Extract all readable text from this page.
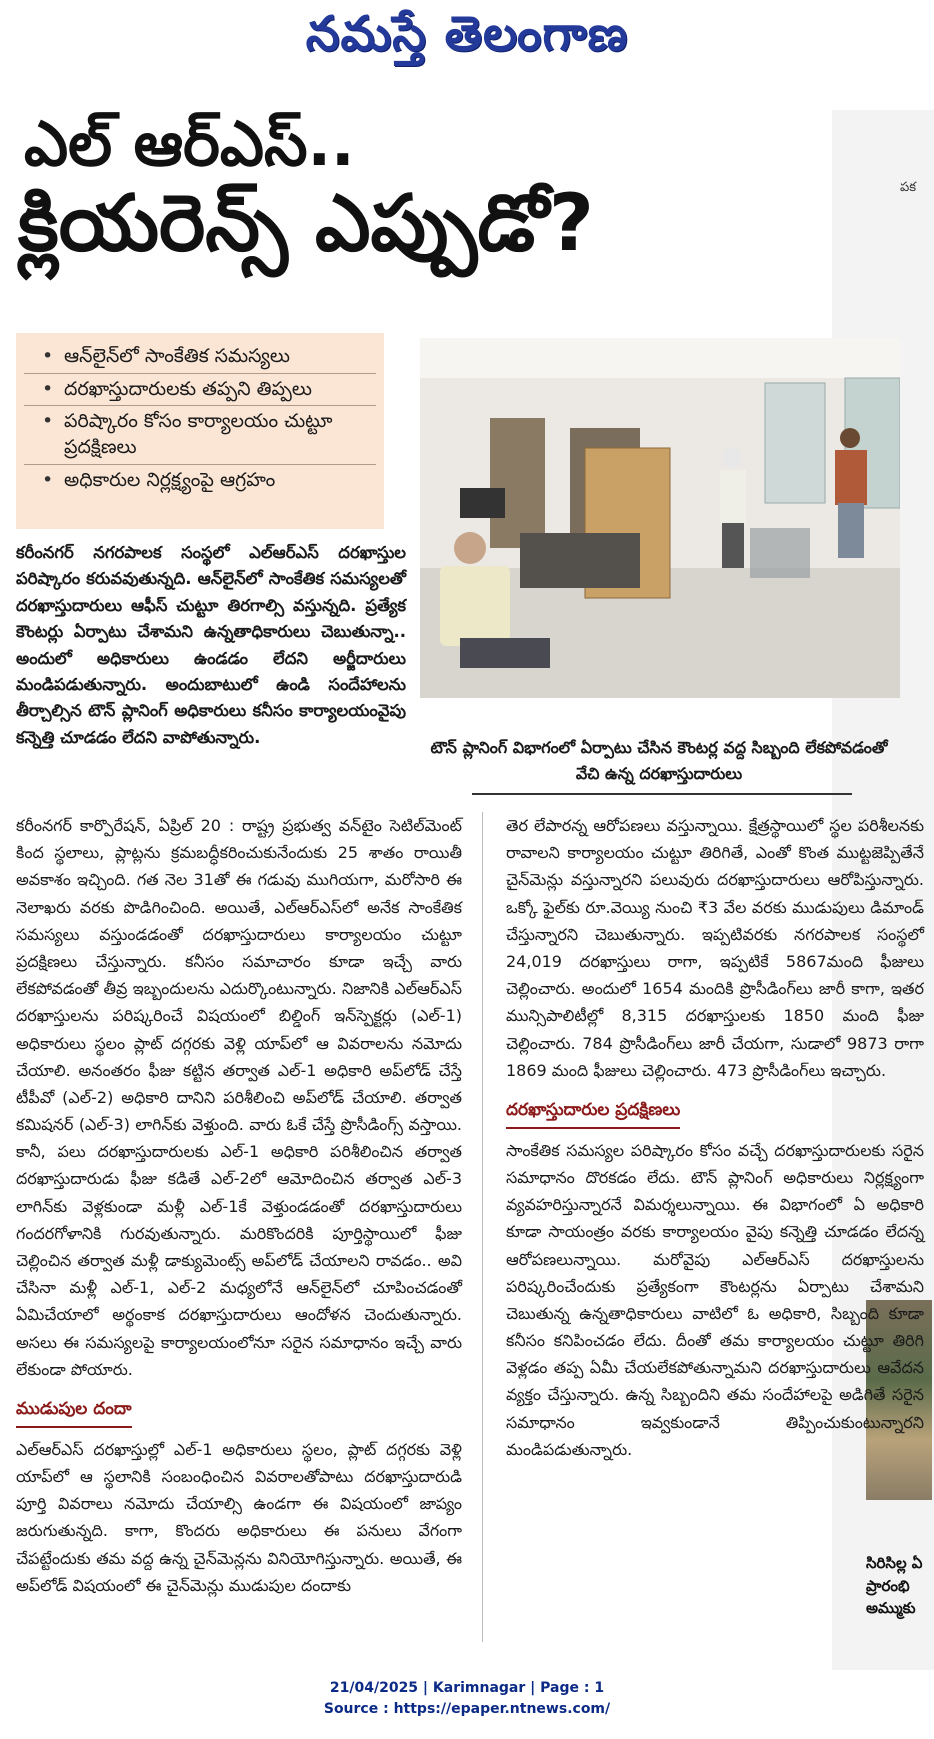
నమస్తే తెలంగాణ
పక
సిరిసిల్ల ఏ ప్రారంభి అమ్ముకు
ఎల్ ఆర్ఎస్..
క్లియరెన్స్ ఎప్పుడో?
• ఆన్‌లైన్‌లో సాంకేతిక సమస్యలు
• దరఖాస్తుదారులకు తప్పని తిప్పలు
• పరిష్కారం కోసం కార్యాలయం చుట్టూ ప్రదక్షిణలు
• అధికారుల నిర్లక్ష్యంపై ఆగ్రహం
టౌన్ ప్లానింగ్ విభాగంలో ఏర్పాటు చేసిన కౌంటర్ల వద్ద సిబ్బంది లేకపోవడంతో వేచి ఉన్న దరఖాస్తుదారులు
కరీంనగర్ నగరపాలక సంస్థలో ఎల్ఆర్ఎస్ దరఖాస్తుల పరిష్కారం కరువవుతున్నది. ఆన్‌లైన్‌లో సాంకేతిక సమస్యలతో దరఖాస్తుదారులు ఆఫీస్ చుట్టూ తిరగాల్సి వస్తున్నది. ప్రత్యేక కౌంటర్లు ఏర్పాటు చేశామని ఉన్నతాధికారులు చెబుతున్నా.. అందులో అధికారులు ఉండడం లేదని అర్జీదారులు మండిపడుతున్నారు. అందుబాటులో ఉండి సందేహాలను తీర్చాల్సిన టౌన్ ప్లానింగ్ అధికారులు కనీసం కార్యాలయంవైపు కన్నెత్తి చూడడం లేదని వాపోతున్నారు.

కరీంనగర్ కార్పొరేషన్, ఏప్రిల్ 20 : రాష్ట్ర ప్రభుత్వ వన్‌టైం సెటిల్‌మెంట్ కింద స్థలాలు, ప్లాట్లను క్రమబద్ధీకరించుకునేందుకు 25 శాతం రాయితీ అవకాశం ఇచ్చింది. గత నెల 31తో ఈ గడువు ముగియగా, మరోసారి ఈ నెలాఖరు వరకు పొడిగించింది. అయితే, ఎల్ఆర్ఎస్‌లో అనేక సాంకేతిక సమస్యలు వస్తుండడంతో దరఖాస్తుదారులు కార్యాలయం చుట్టూ ప్రదక్షిణలు చేస్తున్నారు. కనీసం సమాచారం కూడా ఇచ్చే వారు లేకపోవడంతో తీవ్ర ఇబ్బందులను ఎదుర్కొంటున్నారు. నిజానికి ఎల్ఆర్ఎస్ దరఖాస్తులను పరిష్కరించే విషయంలో బిల్డింగ్ ఇన్‌స్పెక్టర్లు (ఎల్-1) అధికారులు స్థలం ప్లాట్ దగ్గరకు వెళ్లి యాప్‌లో ఆ వివరాలను నమోదు చేయాలి. అనంతరం ఫీజు కట్టిన తర్వాత ఎల్-1 అధికారి అప్‌లోడ్ చేస్తే టీపీవో (ఎల్-2) అధికారి దానిని పరిశీలించి అప్‌లోడ్ చేయాలి. తర్వాత కమిషనర్ (ఎల్-3) లాగిన్‌కు వెళ్తుంది. వారు ఓకే చేస్తే ప్రొసీడింగ్స్ వస్తాయి. కానీ, పలు దరఖాస్తుదారులకు ఎల్-1 అధికారి పరిశీలించిన తర్వాత దరఖాస్తుదారుడు ఫీజు కడితే ఎల్-2లో ఆమోదించిన తర్వాత ఎల్-3 లాగిన్‌కు వెళ్లకుండా మళ్లీ ఎల్-1కే వెళ్తుండడంతో దరఖాస్తుదారులు గందరగోళానికి గురవుతున్నారు. మరికొందరికి పూర్తిస్థాయిలో ఫీజు చెల్లించిన తర్వాత మళ్లీ డాక్యుమెంట్స్ అప్‌లోడ్ చేయాలని రావడం.. అవి చేసినా మళ్లీ ఎల్-1, ఎల్-2 మధ్యలోనే ఆన్‌లైన్‌లో చూపించడంతో ఏమిచేయాలో అర్థంకాక దరఖాస్తుదారులు ఆందోళన చెందుతున్నారు. అసలు ఈ సమస్యలపై కార్యాలయంలోనూ సరైన సమాధానం ఇచ్చే వారు లేకుండా పోయారు.

ముడుపుల దందా

ఎల్ఆర్ఎస్ దరఖాస్తుల్లో ఎల్-1 అధికారులు స్థలం, ప్లాట్ దగ్గరకు వెళ్లి యాప్‌లో ఆ స్థలానికి సంబంధించిన వివరాలతోపాటు దరఖాస్తుదారుడి పూర్తి వివరాలు నమోదు చేయాల్సి ఉండగా ఈ విషయంలో జాప్యం జరుగుతున్నది. కాగా, కొందరు అధికారులు ఈ పనులు వేగంగా చేపట్టేందుకు తమ వద్ద ఉన్న చైన్‌మెన్లను వినియోగిస్తున్నారు. అయితే, ఈ అప్‌లోడ్ విషయంలో ఈ చైన్‌మెన్లు ముడుపుల దందాకు

తెర లేపారన్న ఆరోపణలు వస్తున్నాయి. క్షేత్రస్థాయిలో స్థల పరిశీలనకు రావాలని కార్యాలయం చుట్టూ తిరిగితే, ఎంతో కొంత ముట్టజెప్పితేనే చైన్‌మెన్లు వస్తున్నారని పలువురు దరఖాస్తుదారులు ఆరోపిస్తున్నారు. ఒక్కో ఫైల్‌కు రూ.వెయ్యి నుంచి ₹3 వేల వరకు ముడుపులు డిమాండ్ చేస్తున్నారని చెబుతున్నారు. ఇప్పటివరకు నగరపాలక సంస్థలో 24,019 దరఖాస్తులు రాగా, ఇప్పటికే 5867మంది ఫీజులు చెల్లించారు. అందులో 1654 మందికి ప్రొసీడింగ్‌లు జారీ కాగా, ఇతర మున్సిపాలిటీల్లో 8,315 దరఖాస్తులకు 1850 మంది ఫీజు చెల్లించారు. 784 ప్రొసీడింగ్‌లు జారీ చేయగా, సుడాలో 9873 రాగా 1869 మంది ఫీజులు చెల్లించారు. 473 ప్రొసీడింగ్‌లు ఇచ్చారు.

దరఖాస్తుదారుల ప్రదక్షిణలు

సాంకేతిక సమస్యల పరిష్కారం కోసం వచ్చే దరఖాస్తుదారులకు సరైన సమాధానం దొరకడం లేదు. టౌన్ ప్లానింగ్ అధికారులు నిర్లక్ష్యంగా వ్యవహరిస్తున్నారనే విమర్శలున్నాయి. ఈ విభాగంలో ఏ అధికారి కూడా సాయంత్రం వరకు కార్యాలయం వైపు కన్నెత్తి చూడడం లేదన్న ఆరోపణలున్నాయి. మరోవైపు ఎల్ఆర్ఎస్ దరఖాస్తులను పరిష్కరించేందుకు ప్రత్యేకంగా కౌంటర్లను ఏర్పాటు చేశామని చెబుతున్న ఉన్నతాధికారులు వాటిలో ఓ అధికారి, సిబ్బంది కూడా కనీసం కనిపించడం లేదు. దీంతో తమ కార్యాలయం చుట్టూ తిరిగి వెళ్లడం తప్ప ఏమీ చేయలేకపోతున్నామని దరఖాస్తుదారులు ఆవేదన వ్యక్తం చేస్తున్నారు. ఉన్న సిబ్బందిని తమ సందేహాలపై అడిగితే సరైన సమాధానం ఇవ్వకుండానే తిప్పించుకుంటున్నారని మండిపడుతున్నారు.

21/04/2025 | Karimnagar | Page : 1
Source : https://epaper.ntnews.com/
